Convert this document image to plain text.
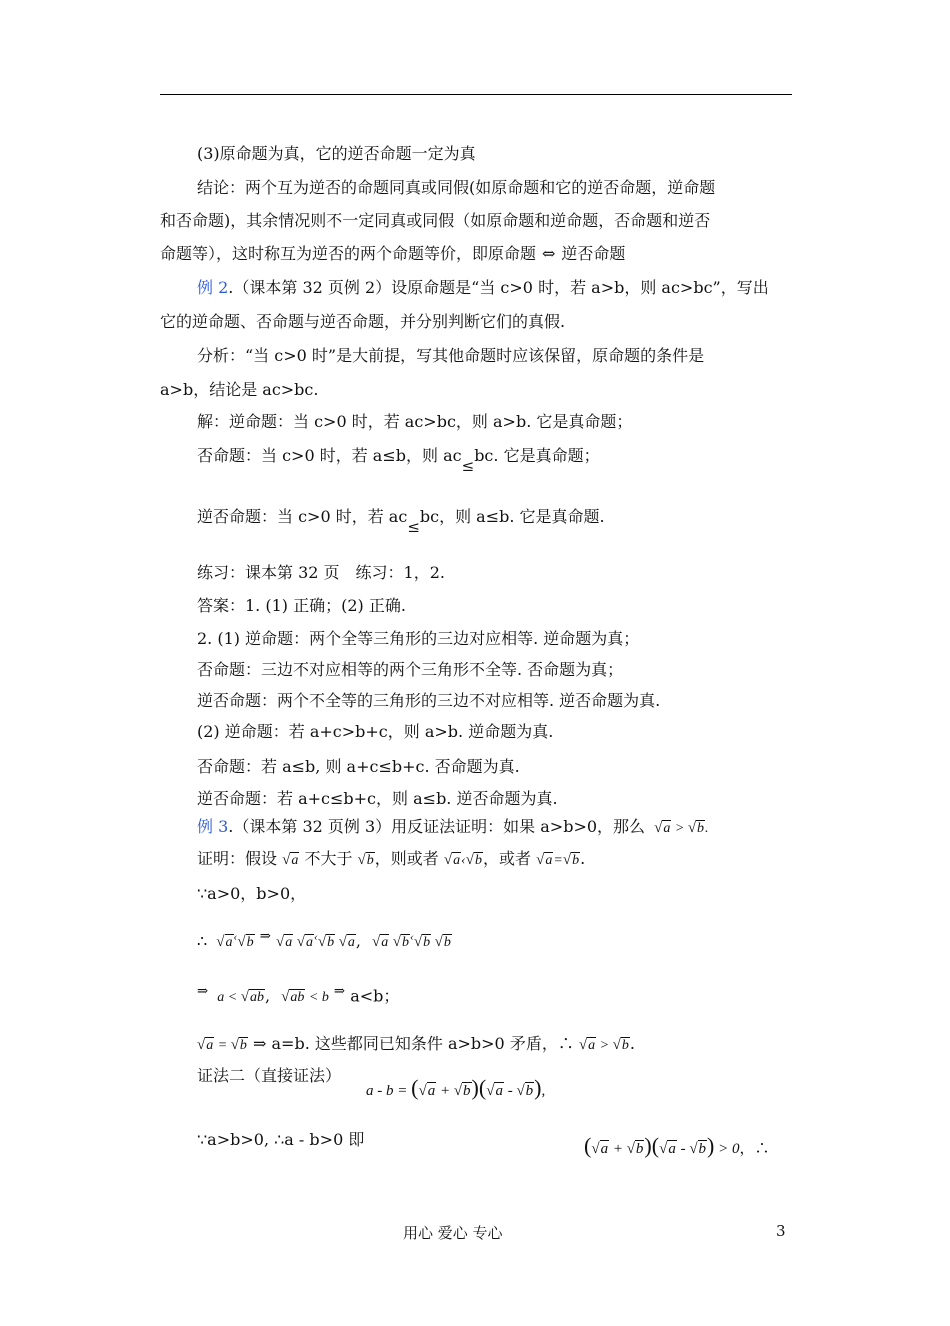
(3)原命题为真，它的逆否命题一定为真
结论：两个互为逆否的命题同真或同假(如原命题和它的逆否命题，逆命题
和否命题)，其余情况则不一定同真或同假（如原命题和逆命题，否命题和逆否
命题等），这时称互为逆否的两个命题等价，即原命题 ⇔ 逆否命题
例 2.（课本第 32 页例 2）设原命题是“当 c>0 时，若 a>b，则 ac>bc”，写出
它的逆命题、否命题与逆否命题，并分别判断它们的真假.
分析：“当 c>0 时”是大前提，写其他命题时应该保留，原命题的条件是
a>b，结论是 ac>bc.
解：逆命题：当 c>0 时，若 ac>bc，则 a>b. 它是真命题；
否命题：当 c>0 时，若 a≤b，则 ac≤bc. 它是真命题；
逆否命题：当 c>0 时，若 ac≤bc，则 a≤b. 它是真命题.
练习：课本第 32 页　练习：1，2.
答案：1. (1) 正确；(2) 正确.
2. (1) 逆命题：两个全等三角形的三边对应相等. 逆命题为真；
否命题：三边不对应相等的两个三角形不全等. 否命题为真；
逆否命题：两个不全等的三角形的三边不对应相等. 逆否命题为真.
(2) 逆命题：若 a+c>b+c，则 a>b. 逆命题为真.
否命题：若 a≤b, 则 a+c≤b+c. 否命题为真.
逆否命题：若 a+c≤b+c，则 a≤b. 逆否命题为真.
例 3.（课本第 32 页例 3）用反证法证明：如果 a>b>0，那么 √a > √b.
证明：假设 √a 不大于 √b，则或者 √a‹√b，或者 √a=√b.
∵a>0，b>0，
∴ √a‹√b ⇒ √a √a‹√b √a, √a √b‹√b √b
⇒ a < √ab, √ab < b ⇒ a<b；
√a = √b ⇒ a=b. 这些都同已知条件 a>b>0 矛盾，∴ √a > √b.
证法二（直接证法）
a - b = (√a + √b)(√a - √b),
∵a>b>0, ∴a - b>0 即	(√a + √b)(√a - √b) > 0，∴
用心 爱心 专心	3
